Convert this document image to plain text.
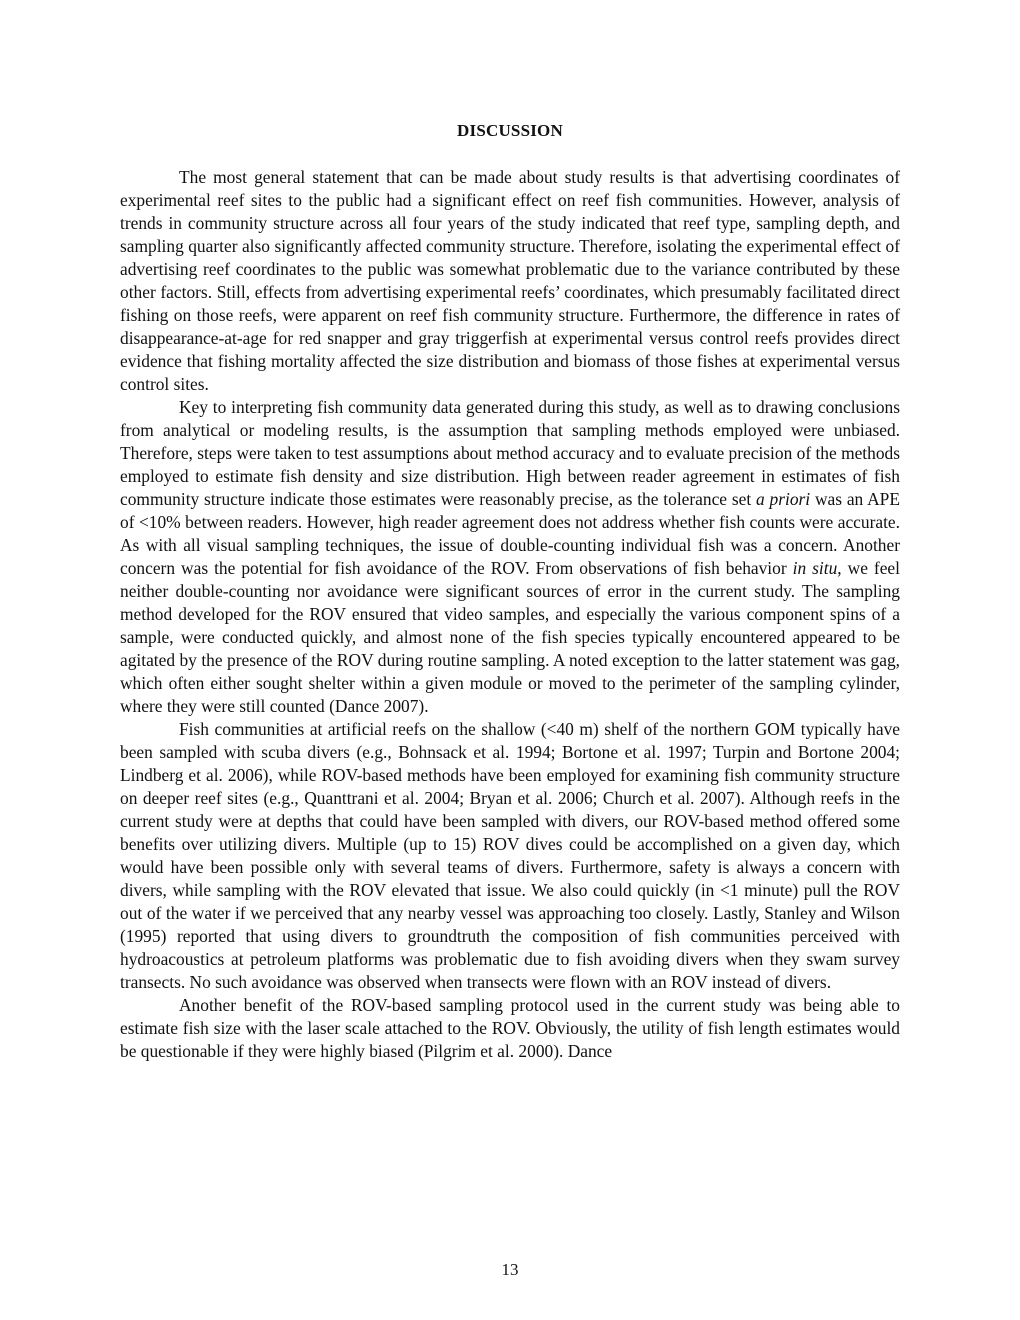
DISCUSSION

The most general statement that can be made about study results is that advertising coordinates of experimental reef sites to the public had a significant effect on reef fish communities. However, analysis of trends in community structure across all four years of the study indicated that reef type, sampling depth, and sampling quarter also significantly affected community structure. Therefore, isolating the experimental effect of advertising reef coordinates to the public was somewhat problematic due to the variance contributed by these other factors. Still, effects from advertising experimental reefs’ coordinates, which presumably facilitated direct fishing on those reefs, were apparent on reef fish community structure. Furthermore, the difference in rates of disappearance-at-age for red snapper and gray triggerfish at experimental versus control reefs provides direct evidence that fishing mortality affected the size distribution and biomass of those fishes at experimental versus control sites.

Key to interpreting fish community data generated during this study, as well as to drawing conclusions from analytical or modeling results, is the assumption that sampling methods employed were unbiased. Therefore, steps were taken to test assumptions about method accuracy and to evaluate precision of the methods employed to estimate fish density and size distribution. High between reader agreement in estimates of fish community structure indicate those estimates were reasonably precise, as the tolerance set a priori was an APE of <10% between readers. However, high reader agreement does not address whether fish counts were accurate. As with all visual sampling techniques, the issue of double-counting individual fish was a concern. Another concern was the potential for fish avoidance of the ROV. From observations of fish behavior in situ, we feel neither double-counting nor avoidance were significant sources of error in the current study. The sampling method developed for the ROV ensured that video samples, and especially the various component spins of a sample, were conducted quickly, and almost none of the fish species typically encountered appeared to be agitated by the presence of the ROV during routine sampling. A noted exception to the latter statement was gag, which often either sought shelter within a given module or moved to the perimeter of the sampling cylinder, where they were still counted (Dance 2007).

Fish communities at artificial reefs on the shallow (<40 m) shelf of the northern GOM typically have been sampled with scuba divers (e.g., Bohnsack et al. 1994; Bortone et al. 1997; Turpin and Bortone 2004; Lindberg et al. 2006), while ROV-based methods have been employed for examining fish community structure on deeper reef sites (e.g., Quanttrani et al. 2004; Bryan et al. 2006; Church et al. 2007). Although reefs in the current study were at depths that could have been sampled with divers, our ROV-based method offered some benefits over utilizing divers. Multiple (up to 15) ROV dives could be accomplished on a given day, which would have been possible only with several teams of divers. Furthermore, safety is always a concern with divers, while sampling with the ROV elevated that issue. We also could quickly (in <1 minute) pull the ROV out of the water if we perceived that any nearby vessel was approaching too closely. Lastly, Stanley and Wilson (1995) reported that using divers to groundtruth the composition of fish communities perceived with hydroacoustics at petroleum platforms was problematic due to fish avoiding divers when they swam survey transects. No such avoidance was observed when transects were flown with an ROV instead of divers.

Another benefit of the ROV-based sampling protocol used in the current study was being able to estimate fish size with the laser scale attached to the ROV. Obviously, the utility of fish length estimates would be questionable if they were highly biased (Pilgrim et al. 2000). Dance

13
